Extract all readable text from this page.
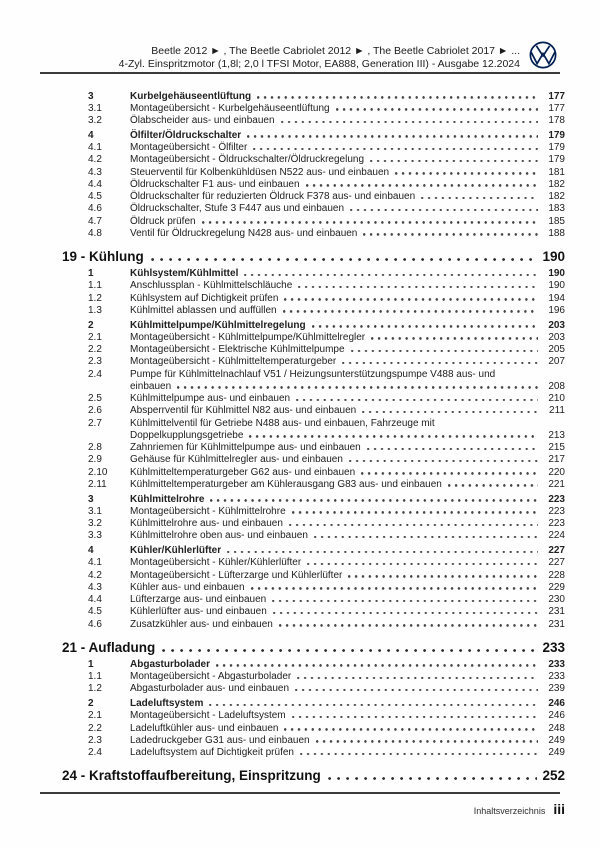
Beetle 2012 ► , The Beetle Cabriolet 2012 ► , The Beetle Cabriolet 2017 ► ...
4-Zyl. Einspritzmotor (1,8l; 2,0 l TFSI Motor, EA888, Generation III) - Ausgabe 12.2024
3	Kurbelgehäuseentlüftung	177
3.1	Montageübersicht - Kurbelgehäuseentlüftung	177
3.2	Ölabscheider aus- und einbauen	178
4	Ölfilter/Öldruckschalter	179
4.1	Montageübersicht - Ölfilter	179
4.2	Montageübersicht - Öldruckschalter/Öldruckregelung	179
4.3	Steuerventil für Kolbenkühldüsen N522 aus- und einbauen	181
4.4	Öldruckschalter F1 aus- und einbauen	182
4.5	Öldruckschalter für reduzierten Öldruck F378 aus- und einbauen	182
4.6	Öldruckschalter, Stufe 3 F447 aus und einbauen	183
4.7	Öldruck prüfen	185
4.8	Ventil für Öldruckregelung N428 aus- und einbauen	188
19 - Kühlung	190
1	Kühlsystem/Kühlmittel	190
1.1	Anschlussplan - Kühlmittelschläuche	190
1.2	Kühlsystem auf Dichtigkeit prüfen	194
1.3	Kühlmittel ablassen und auffüllen	196
2	Kühlmittelpumpe/Kühlmittelregelung	203
2.1	Montageübersicht - Kühlmittelpumpe/Kühlmittelregler	203
2.2	Montageübersicht - Elektrische Kühlmittelpumpe	205
2.3	Montageübersicht - Kühlmitteltemperaturgeber	207
2.4	Pumpe für Kühlmittelnachlauf V51 / Heizungsunterstützungspumpe V488 aus- und
einbauen	208
2.5	Kühlmittelpumpe aus- und einbauen	210
2.6	Absperrventil für Kühlmittel N82 aus- und einbauen	211
2.7	Kühlmittelventil für Getriebe N488 aus- und einbauen, Fahrzeuge mit
Doppelkupplungsgetriebe	213
2.8	Zahnriemen für Kühlmittelpumpe aus- und einbauen	215
2.9	Gehäuse für Kühlmittelregler aus- und einbauen	217
2.10 Kühlmitteltemperaturgeber G62 aus- und einbauen	220
2.11 Kühlmitteltemperaturgeber am Kühlerausgang G83 aus- und einbauen	221
3	Kühlmittelrohre	223
3.1	Montageübersicht - Kühlmittelrohre	223
3.2	Kühlmittelrohre aus- und einbauen	223
3.3	Kühlmittelrohre oben aus- und einbauen	224
4	Kühler/Kühlerlüfter	227
4.1	Montageübersicht - Kühler/Kühlerlüfter	227
4.2	Montageübersicht - Lüfterzarge und Kühlerlüfter	228
4.3	Kühler aus- und einbauen	229
4.4	Lüfterzarge aus- und einbauen	230
4.5	Kühlerlüfter aus- und einbauen	231
4.6	Zusatzkühler aus- und einbauen	231
21 - Aufladung	233
1	Abgasturbolader	233
1.1	Montageübersicht - Abgasturbolader	233
1.2	Abgasturbolader aus- und einbauen	239
2	Ladeluftsystem	246
2.1	Montageübersicht - Ladeluftsystem	246
2.2	Ladeluftkühler aus- und einbauen	248
2.3	Ladedruckgeber G31 aus- und einbauen	249
2.4	Ladeluftsystem auf Dichtigkeit prüfen	249
24 - Kraftstoffaufbereitung, Einspritzung	252
Inhaltsverzeichnis iii
